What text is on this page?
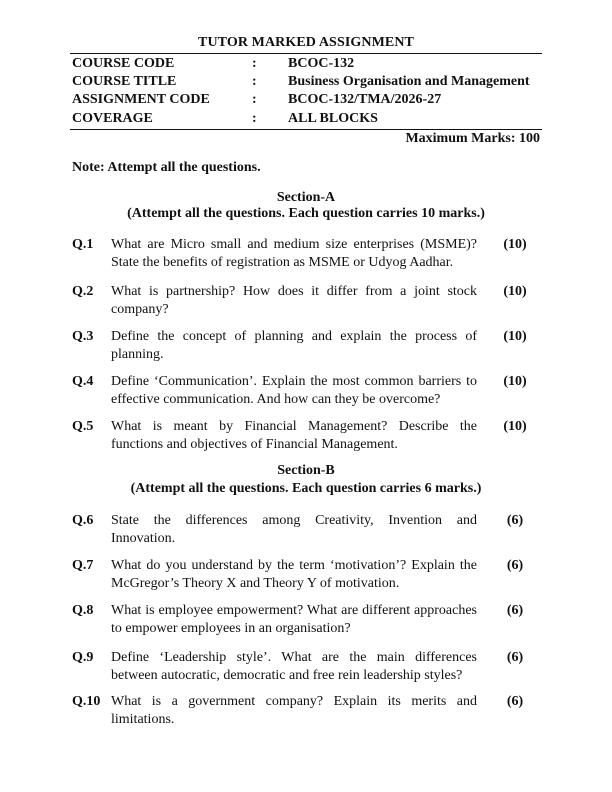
TUTOR MARKED ASSIGNMENT
COURSE CODE	: BCOC-132
COURSE TITLE	: Business Organisation and Management
ASSIGNMENT CODE	: BCOC-132/TMA/2026-27
COVERAGE	: ALL BLOCKS
Maximum Marks: 100
Note: Attempt all the questions.
Section-A
(Attempt all the questions. Each question carries 10 marks.)
Q.1 What are Micro small and medium size enterprises (MSME)? State the benefits of registration as MSME or Udyog Aadhar.
(10)
Q.2 What is partnership? How does it differ from a joint stock company?
(10)
Q.3 Define the concept of planning and explain the process of planning.
(10)
Q.4 Define ‘Communication’. Explain the most common barriers to effective communication. And how can they be overcome?
(10)
Q.5 What is meant by Financial Management? Describe the functions and objectives of Financial Management.
(10)
Section-B
(Attempt all the questions. Each question carries 6 marks.)
Q.6 State the differences among Creativity, Invention and Innovation.
(6)
Q.7 What do you understand by the term ‘motivation’? Explain the McGregor’s Theory X and Theory Y of motivation.
(6)
Q.8 What is employee empowerment? What are different approaches to empower employees in an organisation?
(6)
Q.9 Define ‘Leadership style’. What are the main differences between autocratic, democratic and free rein leadership styles?
(6)
Q.10 What is a government company? Explain its merits and limitations.
(6)
